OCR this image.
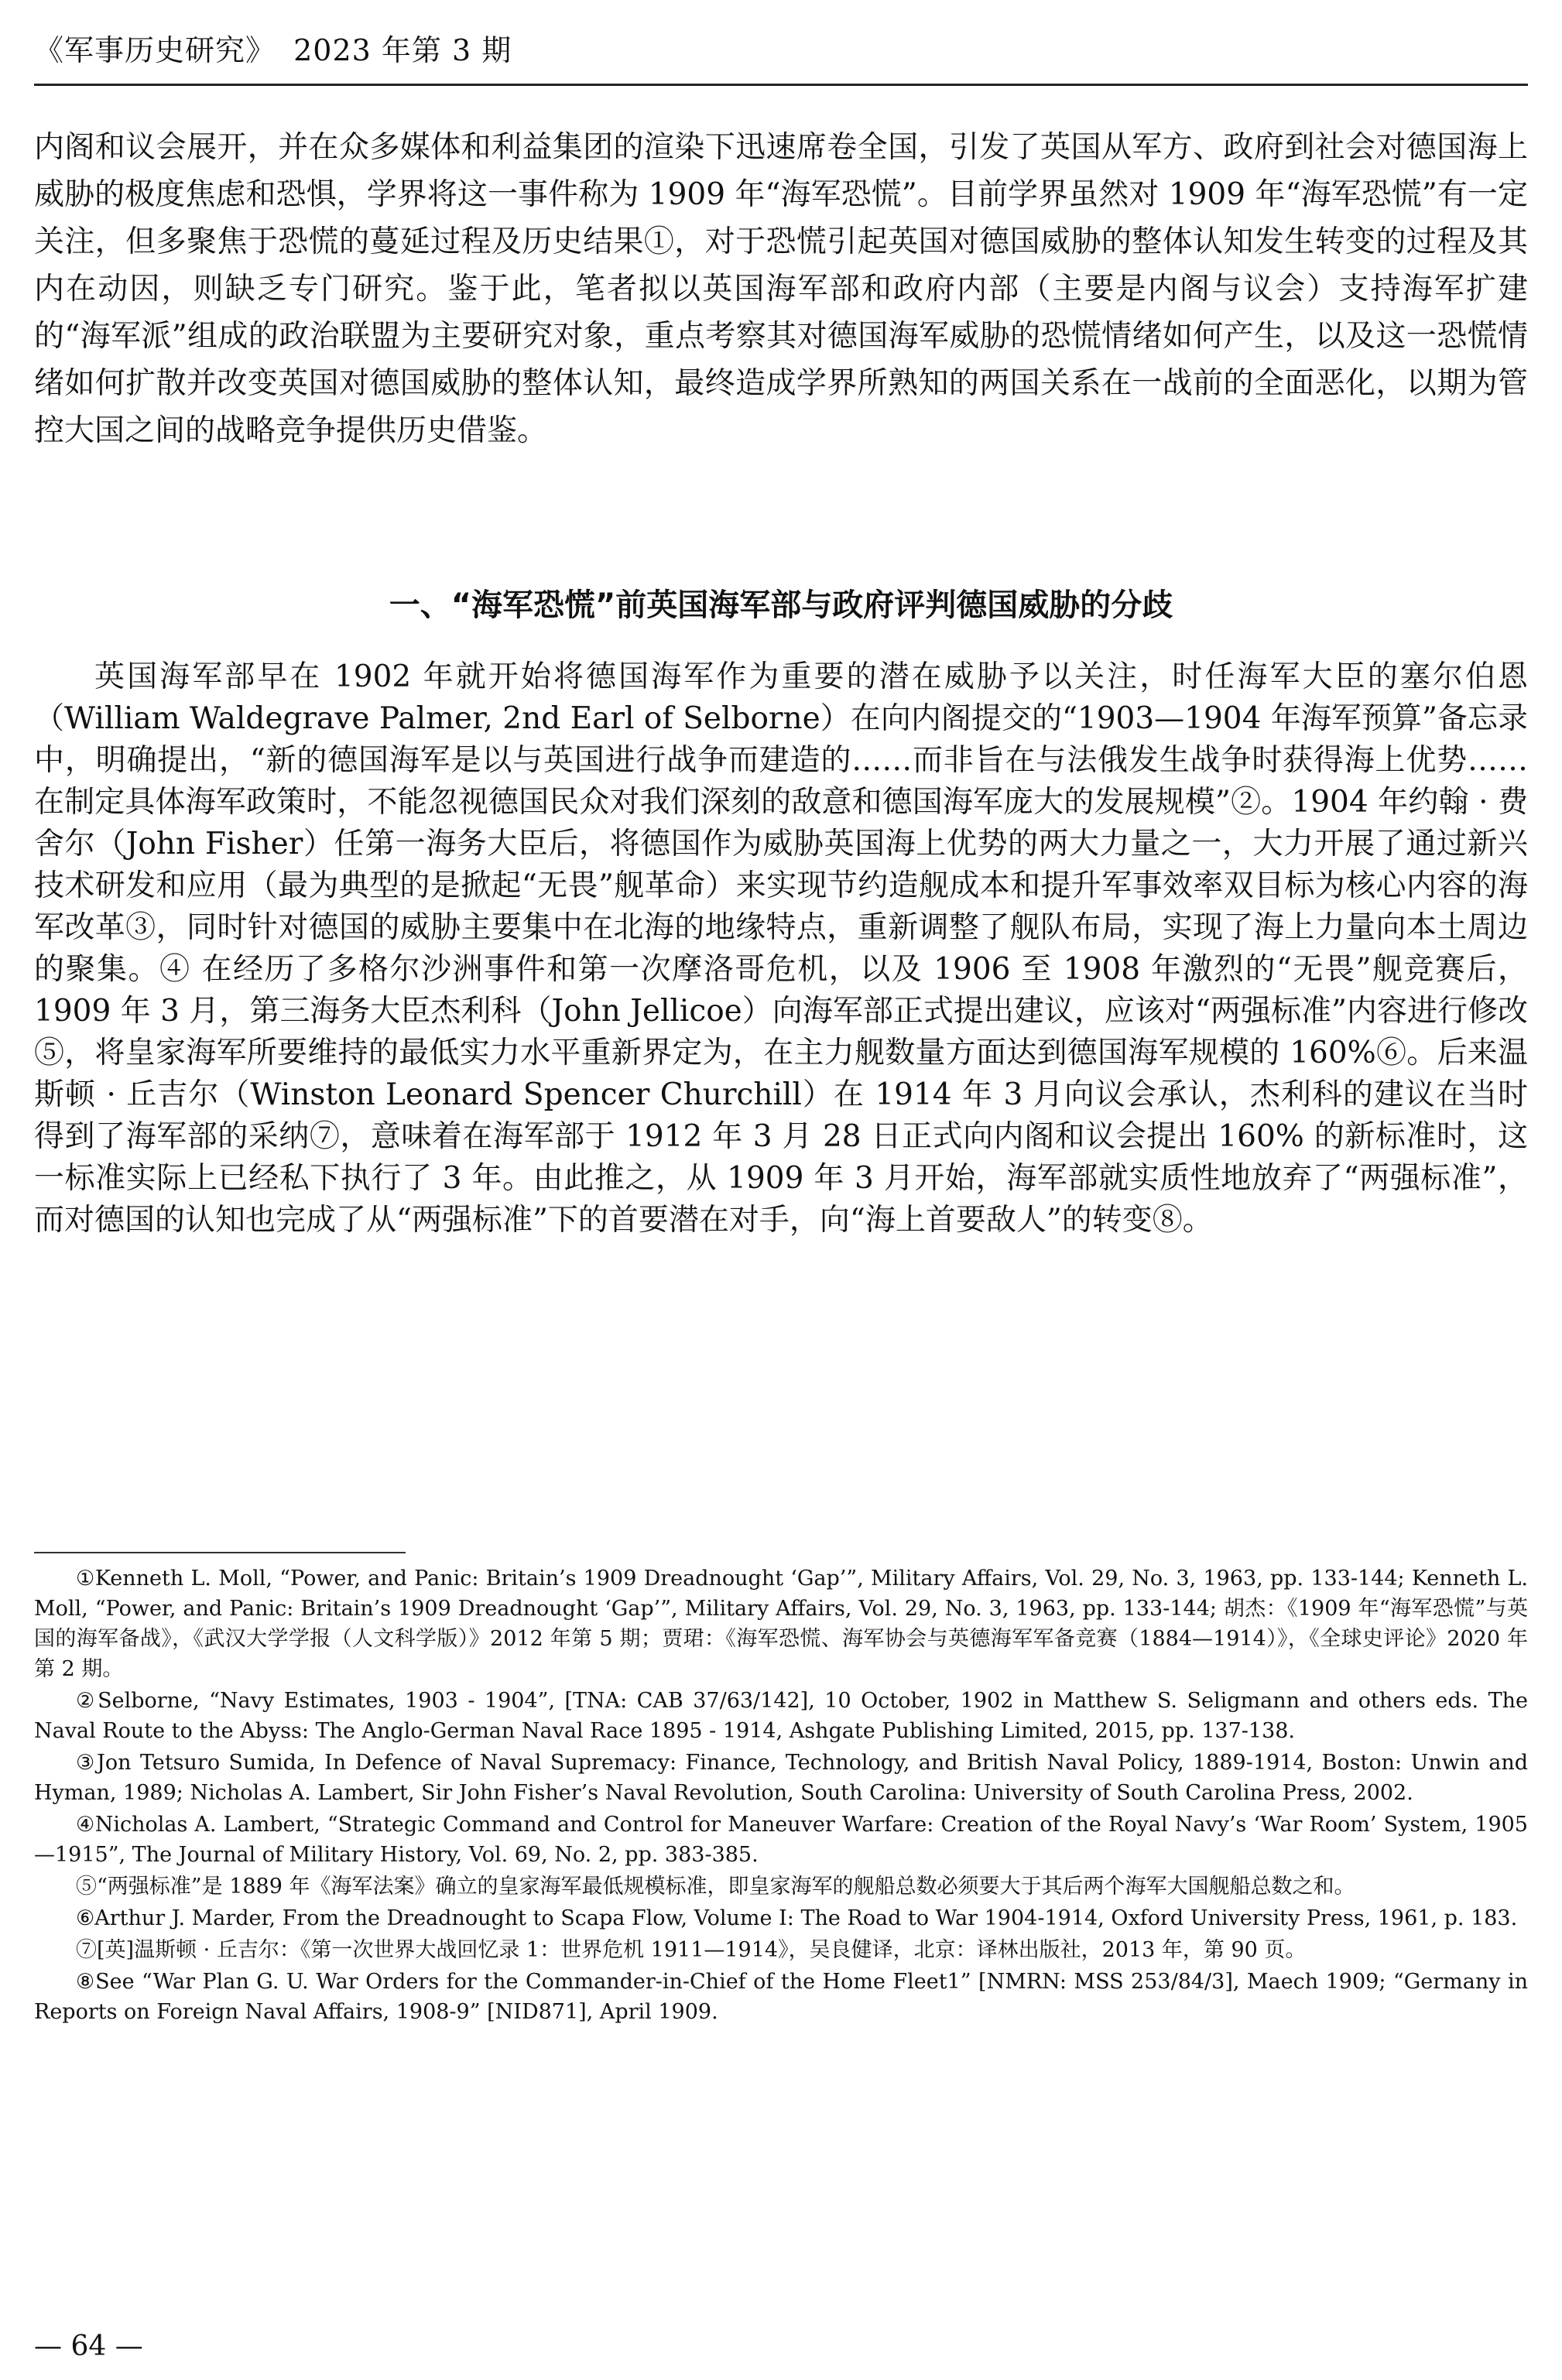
《军事历史研究》 2023 年第 3 期

内阁和议会展开，并在众多媒体和利益集团的渲染下迅速席卷全国，引发了英国从军方、政府到社会对德国海上威胁的极度焦虑和恐惧，学界将这一事件称为 1909 年“海军恐慌”。目前学界虽然对 1909 年“海军恐慌”有一定关注，但多聚焦于恐慌的蔓延过程及历史结果①，对于恐慌引起英国对德国威胁的整体认知发生转变的过程及其内在动因，则缺乏专门研究。鉴于此，笔者拟以英国海军部和政府内部（主要是内阁与议会）支持海军扩建的“海军派”组成的政治联盟为主要研究对象，重点考察其对德国海军威胁的恐慌情绪如何产生，以及这一恐慌情绪如何扩散并改变英国对德国威胁的整体认知，最终造成学界所熟知的两国关系在一战前的全面恶化，以期为管控大国之间的战略竞争提供历史借鉴。

一、“海军恐慌”前英国海军部与政府评判德国威胁的分歧

英国海军部早在 1902 年就开始将德国海军作为重要的潜在威胁予以关注，时任海军大臣的塞尔伯恩（William Waldegrave Palmer, 2nd Earl of Selborne）在向内阁提交的“1903—1904 年海军预算”备忘录中，明确提出，“新的德国海军是以与英国进行战争而建造的……而非旨在与法俄发生战争时获得海上优势……在制定具体海军政策时，不能忽视德国民众对我们深刻的敌意和德国海军庞大的发展规模”②。1904 年约翰 · 费舍尔（John Fisher）任第一海务大臣后，将德国作为威胁英国海上优势的两大力量之一，大力开展了通过新兴技术研发和应用（最为典型的是掀起“无畏”舰革命）来实现节约造舰成本和提升军事效率双目标为核心内容的海军改革③，同时针对德国的威胁主要集中在北海的地缘特点，重新调整了舰队布局，实现了海上力量向本土周边的聚集。④ 在经历了多格尔沙洲事件和第一次摩洛哥危机，以及 1906 至 1908 年激烈的“无畏”舰竞赛后，1909 年 3 月，第三海务大臣杰利科（John Jellicoe）向海军部正式提出建议，应该对“两强标准”内容进行修改⑤，将皇家海军所要维持的最低实力水平重新界定为，在主力舰数量方面达到德国海军规模的 160%⑥。后来温斯顿 · 丘吉尔（Winston Leonard Spencer Churchill）在 1914 年 3 月向议会承认，杰利科的建议在当时得到了海军部的采纳⑦，意味着在海军部于 1912 年 3 月 28 日正式向内阁和议会提出 160% 的新标准时，这一标准实际上已经私下执行了 3 年。由此推之，从 1909 年 3 月开始，海军部就实质性地放弃了“两强标准”，而对德国的认知也完成了从“两强标准”下的首要潜在对手，向“海上首要敌人”的转变⑧。

①Kenneth L. Moll, “Power, and Panic: Britain’s 1909 Dreadnought ‘Gap’”, Military Affairs, Vol. 29, No. 3, 1963, pp. 133-144; Kenneth L. Moll, “Power, and Panic: Britain’s 1909 Dreadnought ‘Gap’”, Military Affairs, Vol. 29, No. 3, 1963, pp. 133-144; 胡杰：《1909 年“海军恐慌”与英国的海军备战》，《武汉大学学报（人文科学版）》2012 年第 5 期；贾珺：《海军恐慌、海军协会与英德海军军备竞赛（1884—1914）》，《全球史评论》2020 年第 2 期。

②Selborne, “Navy Estimates, 1903 - 1904”, [TNA: CAB 37/63/142], 10 October, 1902 in Matthew S. Seligmann and others eds. The Naval Route to the Abyss: The Anglo-German Naval Race 1895 - 1914, Ashgate Publishing Limited, 2015, pp. 137-138.

③Jon Tetsuro Sumida, In Defence of Naval Supremacy: Finance, Technology, and British Naval Policy, 1889-1914, Boston: Unwin and Hyman, 1989; Nicholas A. Lambert, Sir John Fisher’s Naval Revolution, South Carolina: University of South Carolina Press, 2002.

④Nicholas A. Lambert, “Strategic Command and Control for Maneuver Warfare: Creation of the Royal Navy’s ‘War Room’ System, 1905—1915”, The Journal of Military History, Vol. 69, No. 2, pp. 383-385.

⑤“两强标准”是 1889 年《海军法案》确立的皇家海军最低规模标准，即皇家海军的舰船总数必须要大于其后两个海军大国舰船总数之和。

⑥Arthur J. Marder, From the Dreadnought to Scapa Flow, Volume I: The Road to War 1904-1914, Oxford University Press, 1961, p. 183.

⑦[英]温斯顿 · 丘吉尔：《第一次世界大战回忆录 1：世界危机 1911—1914》，吴良健译，北京：译林出版社，2013 年，第 90 页。

⑧See “War Plan G. U. War Orders for the Commander-in-Chief of the Home Fleet1” [NMRN: MSS 253/84/3], Maech 1909; “Germany in Reports on Foreign Naval Affairs, 1908-9” [NID871], April 1909.

— 64 —
